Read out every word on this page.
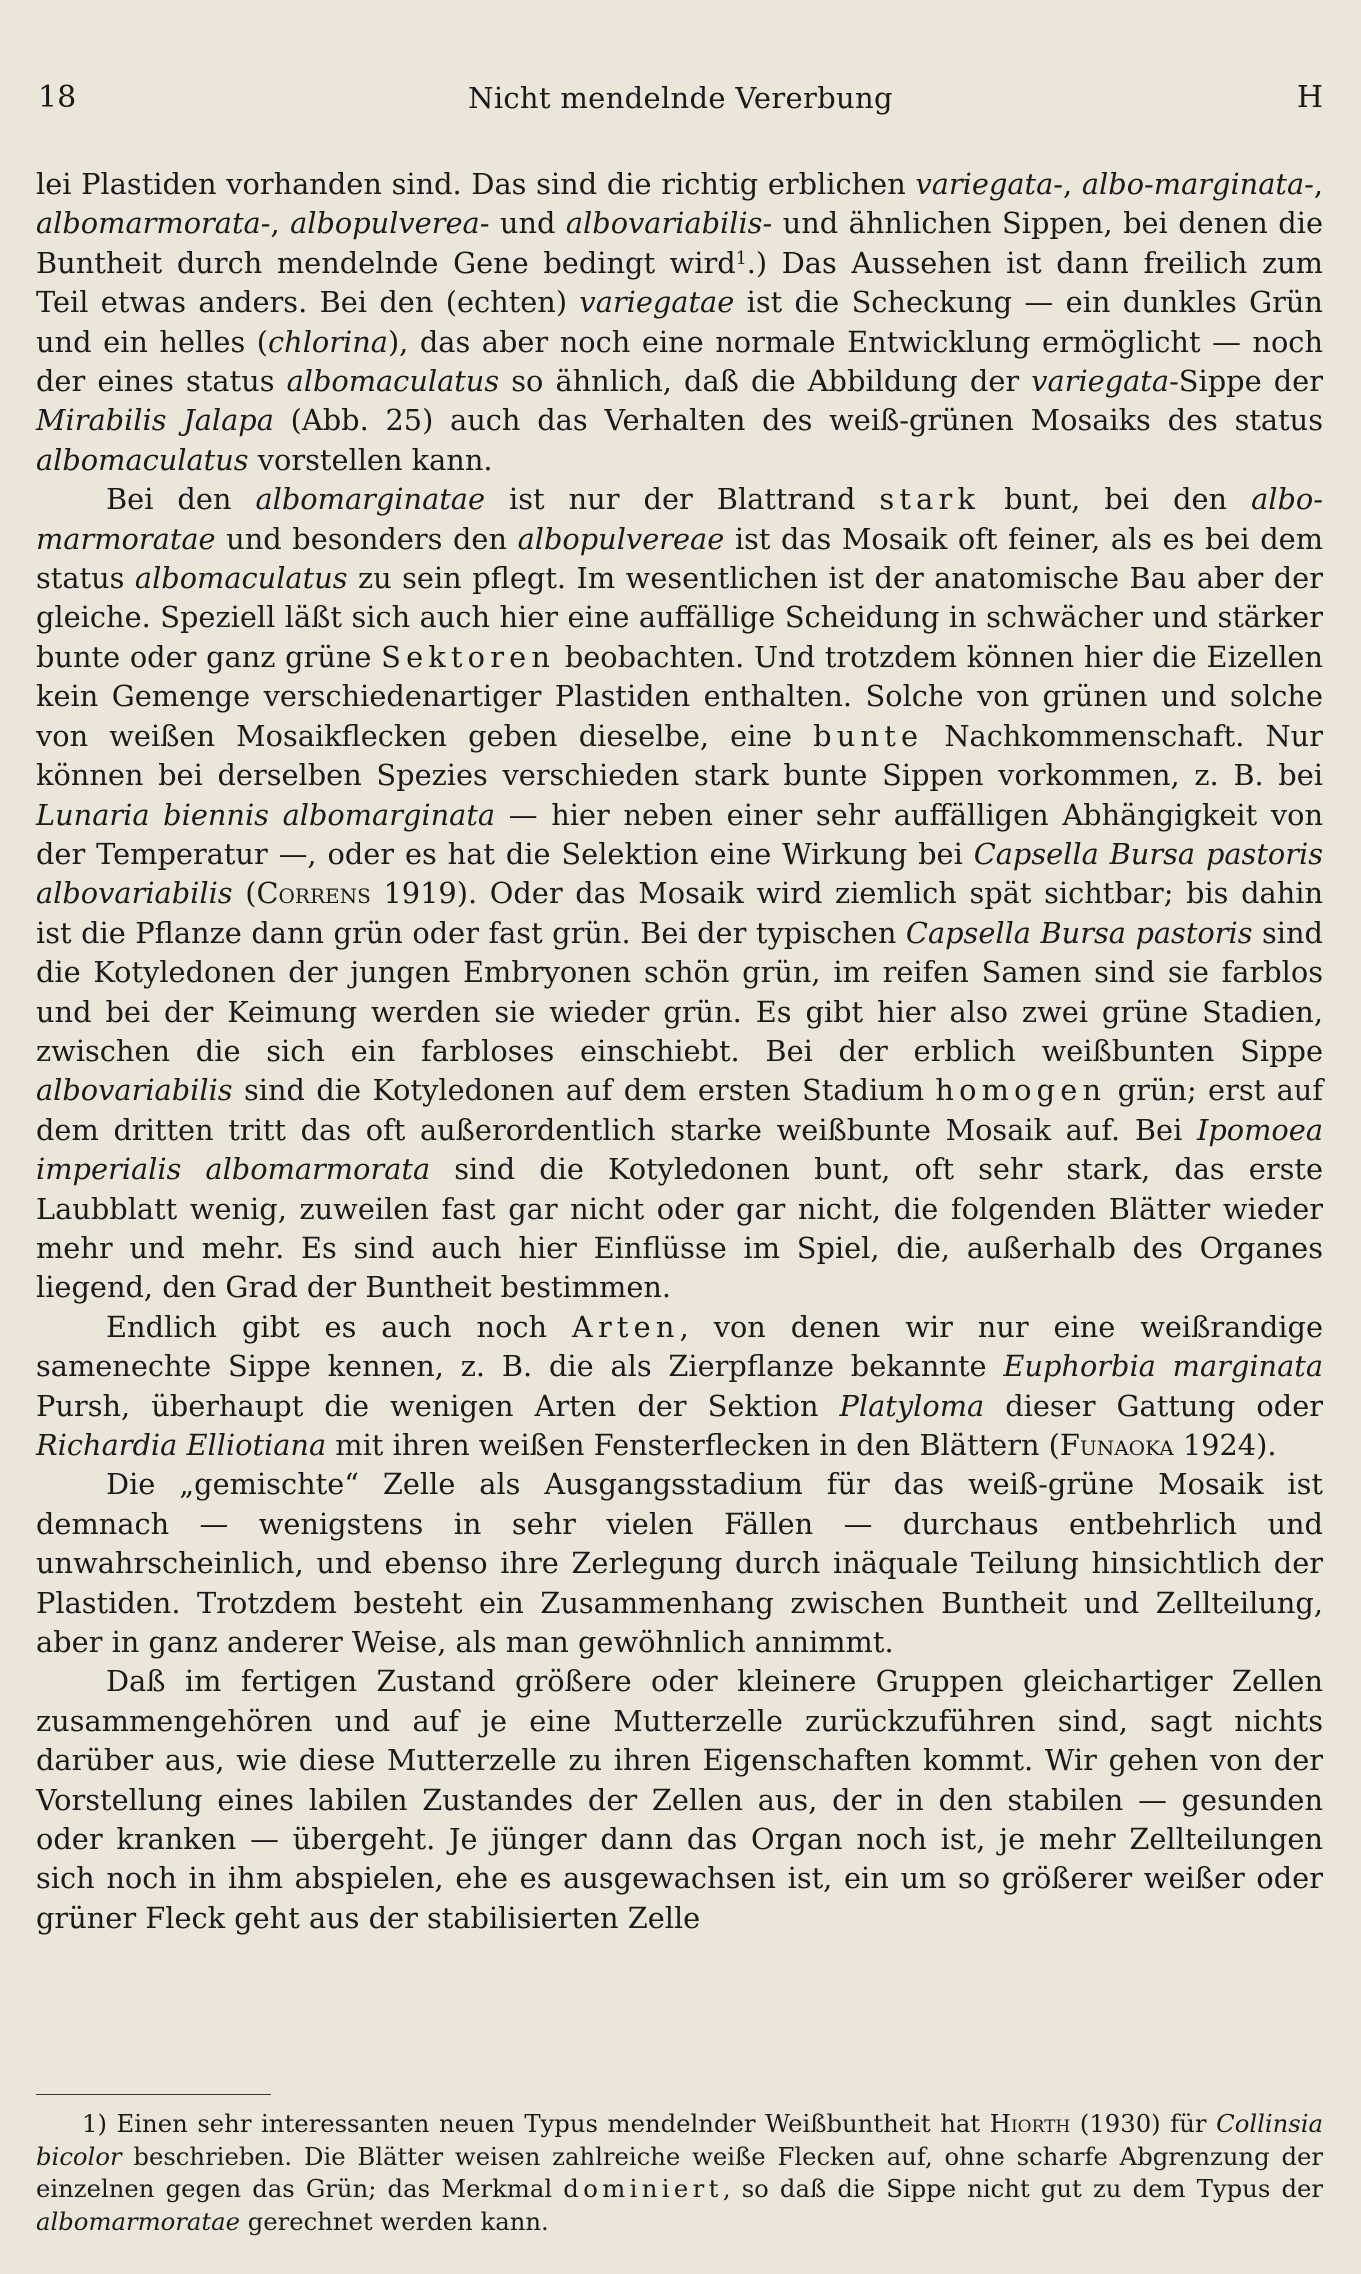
18	Nicht mendelnde Vererbung	H

lei Plastiden vorhanden sind. Das sind die richtig erblichen variegata-, albo-marginata-, albomarmorata-, albopulverea- und albovariabilis- und ähnlichen Sippen, bei denen die Buntheit durch mendelnde Gene bedingt wird$^1$.) Das Aussehen ist dann freilich zum Teil etwas anders. Bei den (echten) variegatae ist die Scheckung — ein dunkles Grün und ein helles (chlorina), das aber noch eine normale Entwicklung ermöglicht — noch der eines status albomaculatus so ähnlich, daß die Abbildung der variegata-Sippe der Mirabilis Jalapa (Abb. 25) auch das Verhalten des weiß-grünen Mosaiks des status albomaculatus vorstellen kann.

Bei den albomarginatae ist nur der Blattrand stark bunt, bei den albo-marmoratae und besonders den albopulvereae ist das Mosaik oft feiner, als es bei dem status albomaculatus zu sein pflegt. Im wesentlichen ist der anatomische Bau aber der gleiche. Speziell läßt sich auch hier eine auffällige Scheidung in schwächer und stärker bunte oder ganz grüne Sektoren beobachten. Und trotzdem können hier die Eizellen kein Gemenge verschiedenartiger Plastiden enthalten. Solche von grünen und solche von weißen Mosaikflecken geben dieselbe, eine bunte Nachkommenschaft. Nur können bei derselben Spezies verschieden stark bunte Sippen vorkommen, z. B. bei Lunaria biennis albomarginata — hier neben einer sehr auffälligen Abhängigkeit von der Temperatur —, oder es hat die Selektion eine Wirkung bei Capsella Bursa pastoris albovariabilis (Correns 1919). Oder das Mosaik wird ziemlich spät sichtbar; bis dahin ist die Pflanze dann grün oder fast grün. Bei der typischen Capsella Bursa pastoris sind die Kotyledonen der jungen Embryonen schön grün, im reifen Samen sind sie farblos und bei der Keimung werden sie wieder grün. Es gibt hier also zwei grüne Stadien, zwischen die sich ein farbloses einschiebt. Bei der erblich weißbunten Sippe albovariabilis sind die Kotyledonen auf dem ersten Stadium homogen grün; erst auf dem dritten tritt das oft außerordentlich starke weißbunte Mosaik auf. Bei Ipomoea imperialis albomarmorata sind die Kotyledonen bunt, oft sehr stark, das erste Laubblatt wenig, zuweilen fast gar nicht oder gar nicht, die folgenden Blätter wieder mehr und mehr. Es sind auch hier Einflüsse im Spiel, die, außerhalb des Organes liegend, den Grad der Buntheit bestimmen.

Endlich gibt es auch noch Arten, von denen wir nur eine weißrandige samenechte Sippe kennen, z. B. die als Zierpflanze bekannte Euphorbia marginata Pursh, überhaupt die wenigen Arten der Sektion Platyloma dieser Gattung oder Richardia Elliotiana mit ihren weißen Fensterflecken in den Blättern (Funaoka 1924).

Die „gemischte“ Zelle als Ausgangsstadium für das weiß-grüne Mosaik ist demnach — wenigstens in sehr vielen Fällen — durchaus entbehrlich und unwahrscheinlich, und ebenso ihre Zerlegung durch inäquale Teilung hinsichtlich der Plastiden. Trotzdem besteht ein Zusammenhang zwischen Buntheit und Zellteilung, aber in ganz anderer Weise, als man gewöhnlich annimmt.

Daß im fertigen Zustand größere oder kleinere Gruppen gleichartiger Zellen zusammengehören und auf je eine Mutterzelle zurückzuführen sind, sagt nichts darüber aus, wie diese Mutterzelle zu ihren Eigenschaften kommt. Wir gehen von der Vorstellung eines labilen Zustandes der Zellen aus, der in den stabilen — gesunden oder kranken — übergeht. Je jünger dann das Organ noch ist, je mehr Zellteilungen sich noch in ihm abspielen, ehe es ausgewachsen ist, ein um so größerer weißer oder grüner Fleck geht aus der stabilisierten Zelle

1) Einen sehr interessanten neuen Typus mendelnder Weißbuntheit hat Hiorth (1930) für Collinsia bicolor beschrieben. Die Blätter weisen zahlreiche weiße Flecken auf, ohne scharfe Abgrenzung der einzelnen gegen das Grün; das Merkmal dominiert, so daß die Sippe nicht gut zu dem Typus der albomarmoratae gerechnet werden kann.
